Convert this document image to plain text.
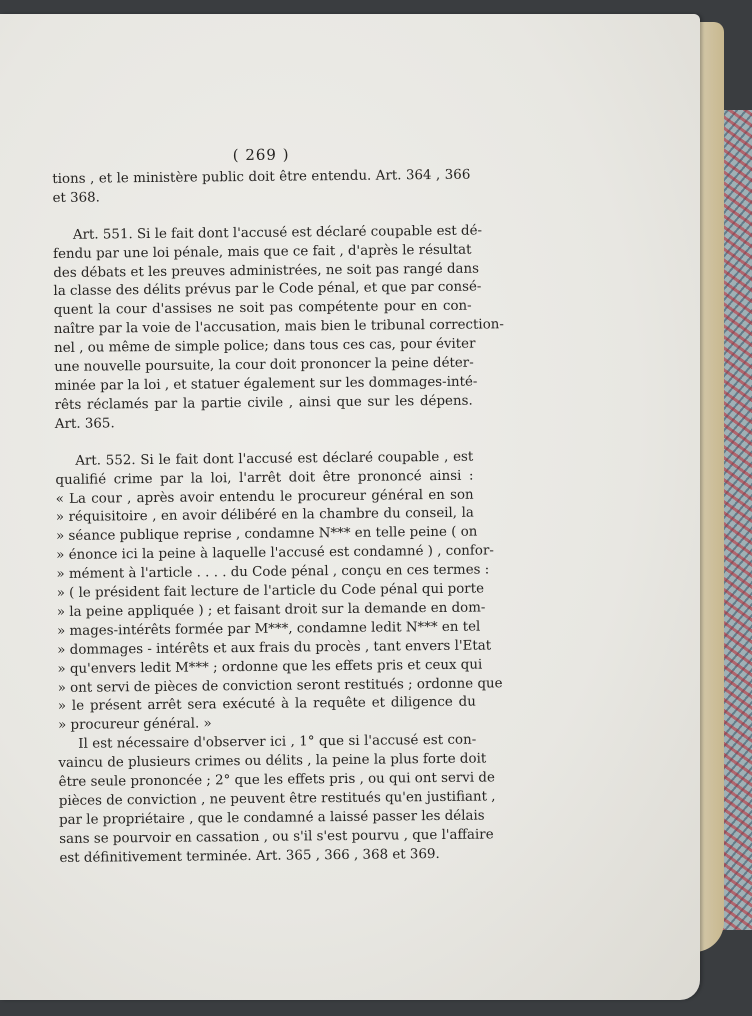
( 269 )
tions , et le ministère public doit être entendu. Art. 364 , 366
et 368.
Art. 551. Si le fait dont l'accusé est déclaré coupable est dé-
fendu par une loi pénale, mais que ce fait , d'après le résultat
des débats et les preuves administrées, ne soit pas rangé dans
la classe des délits prévus par le Code pénal, et que par consé-
quent la cour d'assises ne soit pas compétente pour en con-
naître par la voie de l'accusation, mais bien le tribunal correction-
nel , ou même de simple police; dans tous ces cas, pour éviter
une nouvelle poursuite, la cour doit prononcer la peine déter-
minée par la loi , et statuer également sur les dommages-inté-
rêts réclamés par la partie civile , ainsi que sur les dépens.
Art. 365.
Art. 552. Si le fait dont l'accusé est déclaré coupable , est
qualifié crime par la loi, l'arrêt doit être prononcé ainsi :
« La cour , après avoir entendu le procureur général en son
» réquisitoire , en avoir délibéré en la chambre du conseil, la
» séance publique reprise , condamne N*** en telle peine ( on
» énonce ici la peine à laquelle l'accusé est condamné ) , confor-
» mément à l'article . . . . du Code pénal , conçu en ces termes :
» ( le président fait lecture de l'article du Code pénal qui porte
» la peine appliquée ) ; et faisant droit sur la demande en dom-
» mages-intérêts formée par M***, condamne ledit N*** en tel
» dommages - intérêts et aux frais du procès , tant envers l'Etat
» qu'envers ledit M*** ; ordonne que les effets pris et ceux qui
» ont servi de pièces de conviction seront restitués ; ordonne que
» le présent arrêt sera exécuté à la requête et diligence du
» procureur général. »
Il est nécessaire d'observer ici , 1° que si l'accusé est con-
vaincu de plusieurs crimes ou délits , la peine la plus forte doit
être seule prononcée ; 2° que les effets pris , ou qui ont servi de
pièces de conviction , ne peuvent être restitués qu'en justifiant ,
par le propriétaire , que le condamné a laissé passer les délais
sans se pourvoir en cassation , ou s'il s'est pourvu , que l'affaire
est définitivement terminée. Art. 365 , 366 , 368 et 369.
